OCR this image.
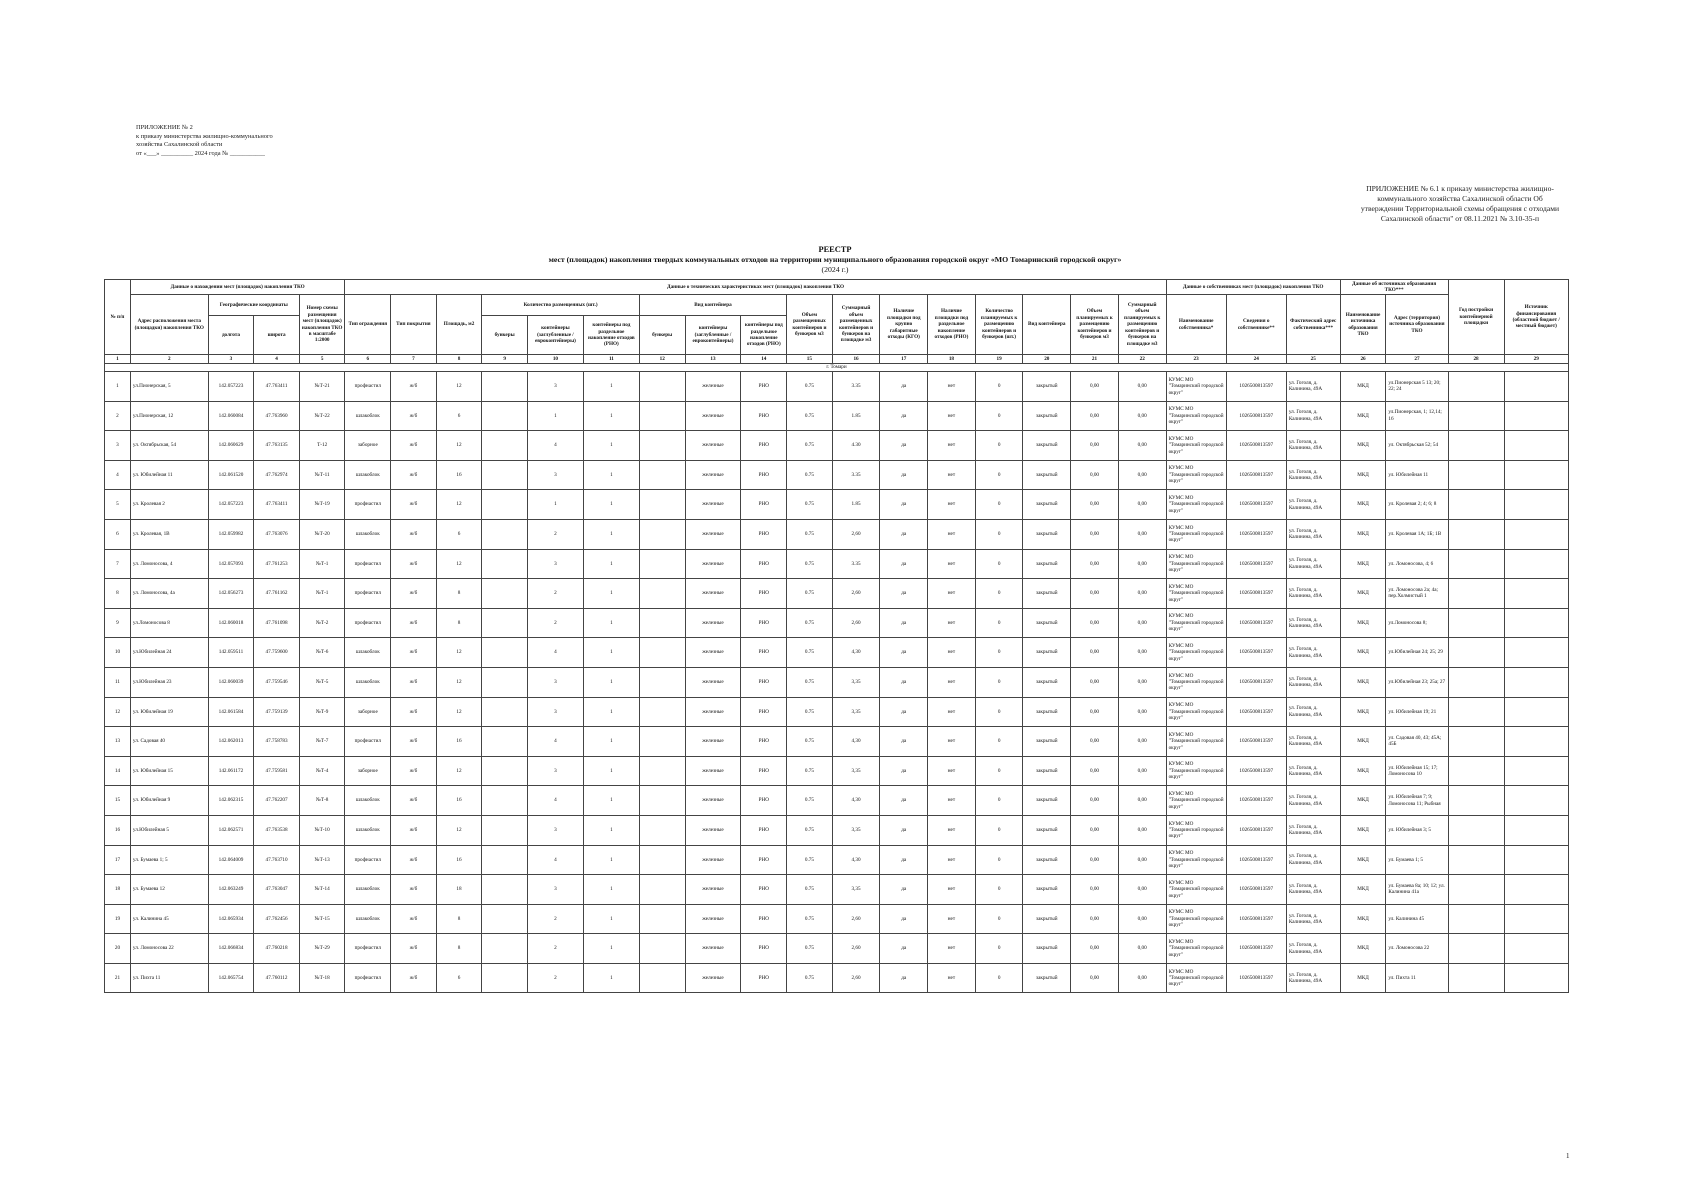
ПРИЛОЖЕНИЕ № 2
к приказу министерства жилищно-коммунального
хозяйства Сахалинской области
от «___» __________ 2024 года № ___________
ПРИЛОЖЕНИЕ № 6.1 к приказу министерства жилищно-
коммунального хозяйства Сахалинской области Об
утверждении Территориальной схемы обращения с отходами
Сахалинской области" от 08.11.2021 № 3.10-35-п
РЕЕСТР
мест (площадок) накопления твердых коммунальных отходов на территории муниципального образования городской округ «МО Томаринский городской округ»
(2024 г.)
№ п/п	Данные о нахождении мест (площадок) накопления ТКО				Данные о технических характеристиках мест (площадок) накопления ТКО																	Данные о собственниках мест (площадок) накопления ТКО			Данные об источниках образования ТКО***		Год постройки контейнерной площадки	Источник финансирования (областной бюджет / местный бюджет)
	Адрес расположения места (площадки) накопления ТКО	Географические координаты		Номер схемы размещения мест (площадок) накопления ТКО в масштабе 1:2000	Тип ограждения	Тип покрытия	Площадь, м2	Количество размещенных (шт.)			Вид контейнера			Объем размещенных контейнеров и бункеров м3	Суммарный объем размещенных контейнеров и бункеров на площадке м3	Наличие площадки под крупно габаритные отходы (КГО)	Наличие площадки под раздельное накопление отходов (РНО)	Количество планируемых к размещению контейнеров и бункеров (шт.)	Вид контейнера	Объем планируемых к размещению контейнеров и бункеров м3	Суммарный объем планируемых к размещению контейнеров и бункеров на площадке м3	Наименование собственника*	Сведения о собственнике**	Фактический адрес собственника***	Наименование источника образования ТКО	Адрес (территория) источника образования ТКО		
		долгота	широта					бункеры	контейнеры (заглубленные / евроконтейнеры)	контейнеры под раздельное накопление отходов (РНО)	бункеры	контейнеры (заглубленные / евроконтейнеры)	контейнеры под раздельное накопление отходов (РНО)															
1	2	3	4	5	6	7	8	9	10	11	12	13	14	15	16	17	18	19	20	21	22	23	24	25	26	27	28	29
г. Томари																												
1	ул.Пионерская, 5	142.057223	47.763411	№Т-21	профнастил	ж/б	12		3	1		железные	РНО	0.75	3.35	да	нет	0	закрытый	0,00	0,00	КУМС МО "Томаринский городской округ"	1026500813597	ул. Гоголя, д. Калинина, 49А	МКД	ул.Пионерская 5 13; 20; 22; 24		
2	ул.Пионерская, 12	142.060084	47.763960	№Т-22	шлакоблок	ж/б	6		1	1		железные	РНО	0.75	1.85	да	нет	0	закрытый	0,00	0,00	КУМС МО "Томаринский городской округ"	1026500813597	ул. Гоголя, д. Калинина, 49А	МКД	ул.Пионерская, 1; 12,14; 16		
3	ул. Октябрьская, 54	142.060629	47.763135	Т-12	заборное	ж/б	12		4	1		железные	РНО	0.75	4.30	да	нет	0	закрытый	0,00	0,00	КУМС МО "Томаринский городской округ"	1026500813597	ул. Гоголя, д. Калинина, 49А	МКД	ул. Октябрьская 52; 54		
4	ул. Юбилейная 11	142.061520	47.762974	№Т-11	шлакоблок	ж/б	16		3	1		железные	РНО	0.75	3.35	да	нет	0	закрытый	0,00	0,00	КУМС МО "Томаринский городской округ"	1026500813597	ул. Гоголя, д. Калинина, 49А	МКД	ул. Юбилейная 11		
5	ул. Кролевая 2	142.057223	47.763411	№Т-19	профнастил	ж/б	12		1	1		железные	РНО	0.75	1.85	да	нет	0	закрытый	0,00	0,00	КУМС МО "Томаринский городской округ"	1026500813597	ул. Гоголя, д. Калинина, 49А	МКД	ул. Кролевая 2; 4; 6; 8		
6	ул. Кролевая, 1В	142.059982	47.763076	№Т-20	шлакоблок	ж/б	6		2	1		железные	РНО	0.75	2,60	да	нет	0	закрытый	0,00	0,00	КУМС МО "Томаринский городской округ"	1026500813597	ул. Гоголя, д. Калинина, 49А	МКД	ул. Кролевая 1А; 1Б; 1В		
7	ул. Ломоносова, 4	142.057093	47.761253	№Т-1	профнастил	ж/б	12		3	1		железные	РНО	0.75	3.35	да	нет	0	закрытый	0,00	0,00	КУМС МО "Томаринский городской округ"	1026500813597	ул. Гоголя, д. Калинина, 49А	МКД	ул. Ломоносова, 4; 6		
8	ул. Ломоносова, 4а	142.056273	47.761162	№Т-1	профнастил	ж/б	8		2	1		железные	РНО	0.75	2,60	да	нет	0	закрытый	0,00	0,00	КУМС МО "Томаринский городской округ"	1026500813597	ул. Гоголя, д. Калинина, 49А	МКД	ул. Ломоносова 2а; 4а; пер.Холмистый 1		
9	ул.Ломоносова 8	142.060018	47.761098	№Т-2	профнастил	ж/б	8		2	1		железные	РНО	0.75	2,60	да	нет	0	закрытый	0,00	0,00	КУМС МО "Томаринский городской округ"	1026500813597	ул. Гоголя, д. Калинина, 49А	МКД	ул.Ломоносова 8;		
10	ул.Юбилейная 24	142.059511	47.759600	№Т-6	шлакоблок	ж/б	12		4	1		железные	РНО	0.75	4,30	да	нет	0	закрытый	0,00	0,00	КУМС МО "Томаринский городской округ"	1026500813597	ул. Гоголя, д. Калинина, 49А	МКД	ул.Юбилейная 24; 25; 29		
11	ул.Юбилейная 23	142.060039	47.759546	№Т-5	шлакоблок	ж/б	12		3	1		железные	РНО	0.75	3,35	да	нет	0	закрытый	0,00	0,00	КУМС МО "Томаринский городской округ"	1026500813597	ул. Гоголя, д. Калинина, 49А	МКД	ул.Юбилейная 23; 25а; 27		
12	ул. Юбилейная 19	142.061584	47.759139	№Т-9	заборное	ж/б	12		3	1		железные	РНО	0.75	3,35	да	нет	0	закрытый	0,00	0,00	КУМС МО "Томаринский городской округ"	1026500813597	ул. Гоголя, д. Калинина, 49А	МКД	ул. Юбилейная 19; 21		
13	ул. Садовая 40	142.062013	47.758783	№Т-7	профнастил	ж/б	16		4	1		железные	РНО	0.75	4,30	да	нет	0	закрытый	0,00	0,00	КУМС МО "Томаринский городской округ"	1026500813597	ул. Гоголя, д. Калинина, 49А	МКД	ул. Садовая 40, 43; 45А; 45Б		
14	ул. Юбилейная 15	142.061172	47.759581	№Т-4	заборное	ж/б	12		3	1		железные	РНО	0.75	3,35	да	нет	0	закрытый	0,00	0,00	КУМС МО "Томаринский городской округ"	1026500813597	ул. Гоголя, д. Калинина, 49А	МКД	ул. Юбилейная 15; 17; Ломоносова 10		
15	ул. Юбилейная 9	142.062315	47.762207	№Т-8	шлакоблок	ж/б	16		4	1		железные	РНО	0.75	4,30	да	нет	0	закрытый	0,00	0,00	КУМС МО "Томаринский городской округ"	1026500813597	ул. Гоголя, д. Калинина, 49А	МКД	ул. Юбилейная 7; 9; Ломоносова 11; Рыбная		
16	ул.Юбилейная 5	142.062571	47.763538	№Т-10	шлакоблок	ж/б	12		3	1		железные	РНО	0.75	3,35	да	нет	0	закрытый	0,00	0,00	КУМС МО "Томаринский городской округ"	1026500813597	ул. Гоголя, д. Калинина, 49А	МКД	ул. Юбилейная 3; 5		
17	ул. Бумаева 1; 5	142.064009	47.763710	№Т-13	профнастил	ж/б	16		4	1		железные	РНО	0.75	4,30	да	нет	0	закрытый	0,00	0,00	КУМС МО "Томаринский городской округ"	1026500813597	ул. Гоголя, д. Калинина, 49А	МКД	ул. Бумаева 1; 5		
18	ул. Бумаева 12	142.063249	47.763047	№Т-14	шлакоблок	ж/б	18		3	1		железные	РНО	0.75	3,35	да	нет	0	закрытый	0,00	0,00	КУМС МО "Томаринский городской округ"	1026500813597	ул. Гоголя, д. Калинина, 49А	МКД	ул. Бумаева 8а; 10; 12; ул. Калинина 41а		
19	ул. Калинина 45	142.065934	47.762456	№Т-15	шлакоблок	ж/б	8		2	1		железные	РНО	0.75	2,60	да	нет	0	закрытый	0,00	0,00	КУМС МО "Томаринский городской округ"	1026500813597	ул. Гоголя, д. Калинина, 49А	МКД	ул. Калинина 45		
20	ул. Ломоносова 22	142.066834	47.760218	№Т-29	профнастил	ж/б	8		2	1		железные	РНО	0.75	2,60	да	нет	0	закрытый	0,00	0,00	КУМС МО "Томаринский городской округ"	1026500813597	ул. Гоголя, д. Калинина, 49А	МКД	ул. Ломоносова 22		
21	ул. Пихта 11	142.065754	47.760112	№Т-18	профнастил	ж/б	6		2	1		железные	РНО	0.75	2,60	да	нет	0	закрытый	0,00	0,00	КУМС МО "Томаринский городской округ"	1026500813597	ул. Гоголя, д. Калинина, 49А	МКД	ул. Пихта 11		
1
